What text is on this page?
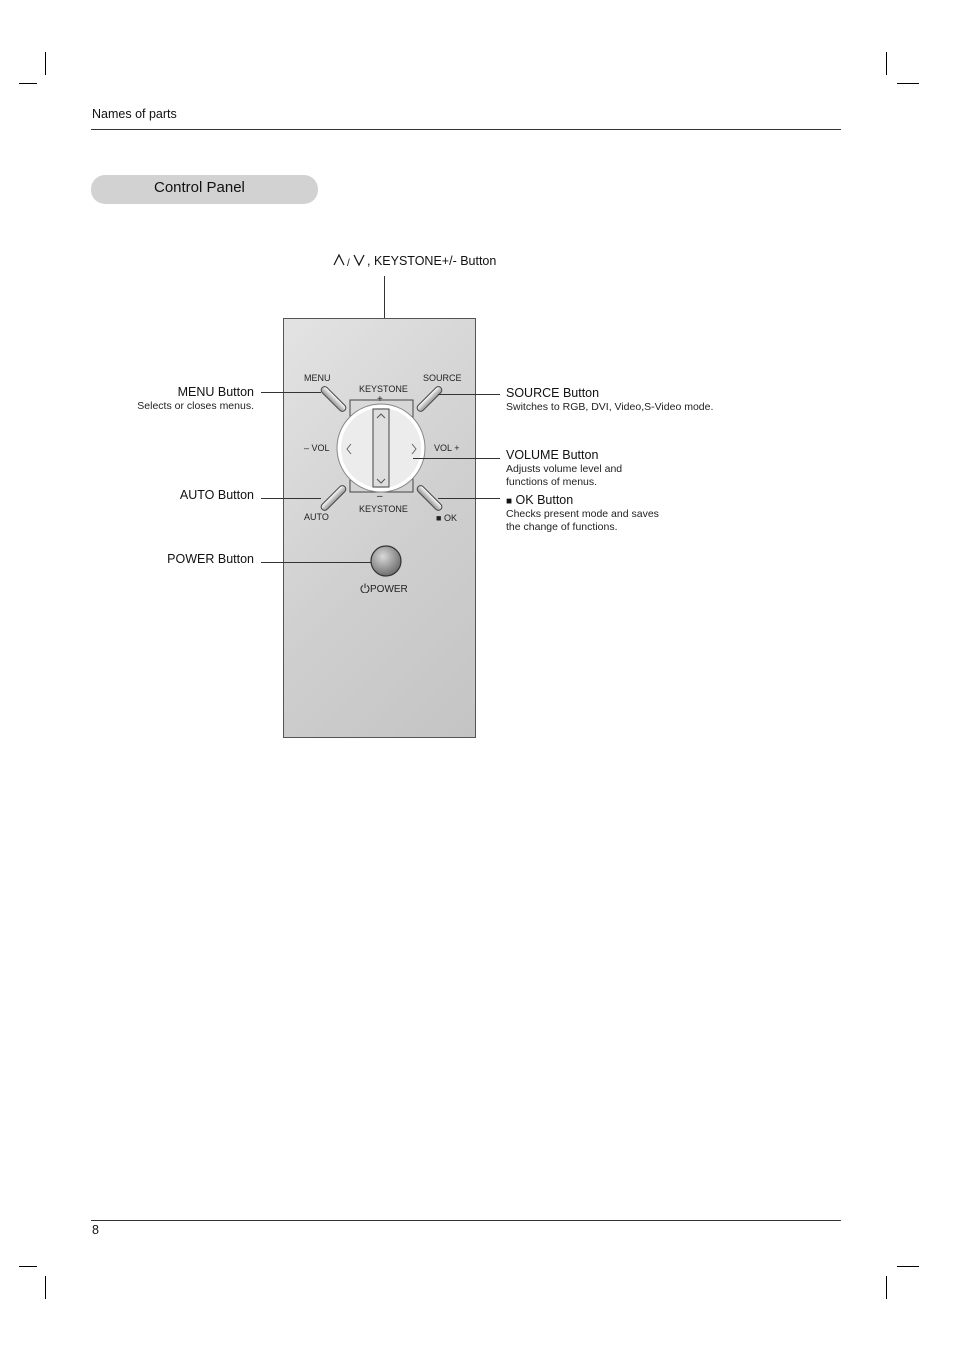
Names of parts
Control Panel
/ , KEYSTONE+/- Button
MENU
KEYSTONE
+
SOURCE
– VOL	VOL +
–
AUTO
KEYSTONE
■ OK
POWER
MENU Button
Selects or closes menus.
AUTO Button
POWER Button
SOURCE Button
Switches to RGB, DVI, Video,S-Video mode.
VOLUME Button
Adjusts volume level and functions of menus.
■ OK Button
Checks present mode and saves the change of functions.
8
